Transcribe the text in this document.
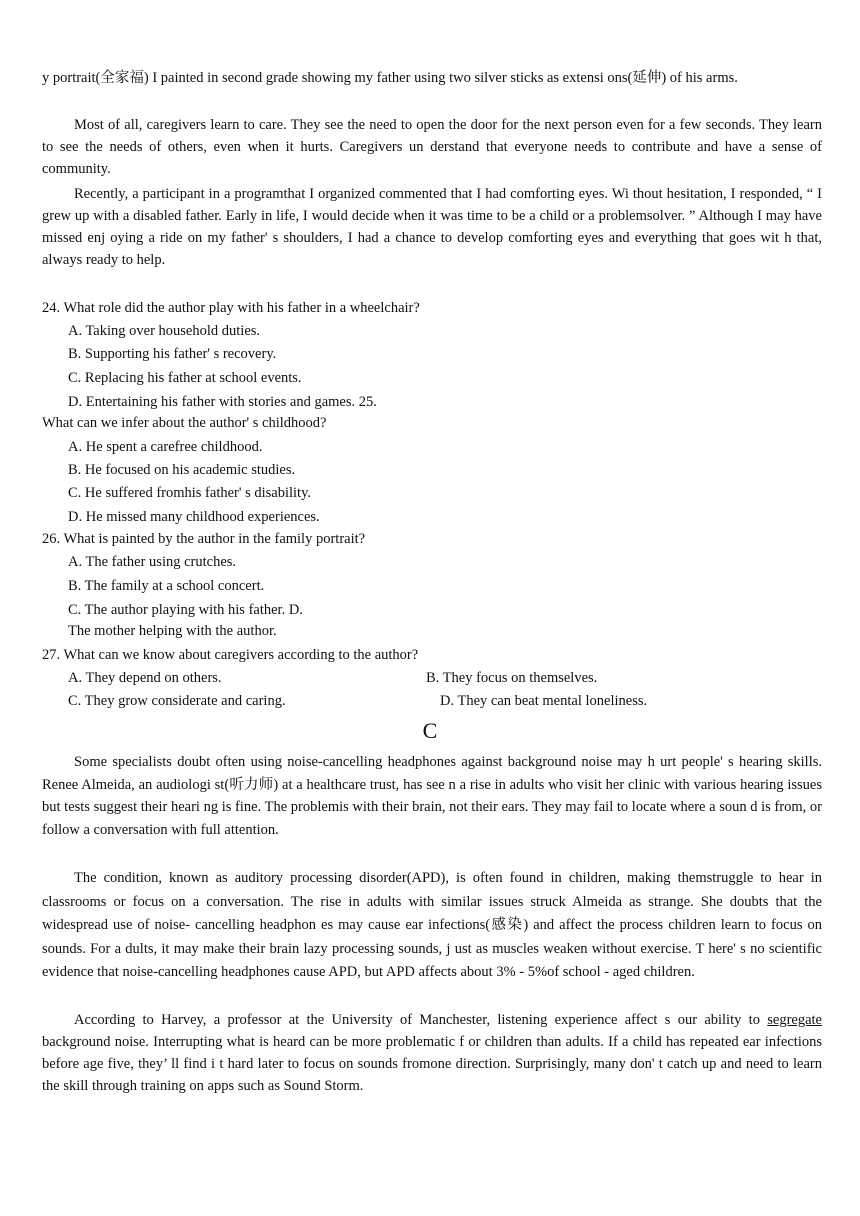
y portrait(全家福) I painted in second grade showing my father using two silver sticks as extensi ons(延伸) of his arms.

Most of all, caregivers learn to care. They see the need to open the door for the next person even for a few seconds. They learn to see the needs of others, even when it hurts. Caregivers un derstand that everyone needs to contribute and have a sense of community.

Recently, a participant in a programthat I organized commented that I had comforting eyes. Wi thout hesitation, I responded, “ I grew up with a disabled father. Early in life, I would decide when it was time to be a child or a problemsolver. ” Although I may have missed enj oying a ride on my father' s shoulders, I had a chance to develop comforting eyes and everything that goes wit h that, always ready to help.

24. What role did the author play with his father in a wheelchair?
A. Taking over household duties.
B. Supporting his father' s recovery.
C. Replacing his father at school events.
D. Entertaining his father with stories and games. 25.
What can we infer about the author' s childhood?
A. He spent a carefree childhood.
B. He focused on his academic studies.
C. He suffered fromhis father' s disability.
D. He missed many childhood experiences.
26. What is painted by the author in the family portrait?
A. The father using crutches.
B. The family at a school concert.
C. The author playing with his father. D.
The mother helping with the author.
27. What can we know about caregivers according to the author?
A. They depend on others.	B. They focus on themselves.
C. They grow considerate and caring.	D. They can beat mental loneliness.
C

Some specialists doubt often using noise-cancelling headphones against background noise may h urt people' s hearing skills. Renee Almeida, an audiologi st(听力师) at a healthcare trust, has see n a rise in adults who visit her clinic with various hearing issues but tests suggest their heari ng is fine. The problemis with their brain, not their ears. They may fail to locate where a soun d is from, or follow a conversation with full attention.

The condition, known as auditory processing disorder(APD), is often found in children, making themstruggle to hear in classrooms or focus on a conversation. The rise in adults with similar issues struck Almeida as strange. She doubts that the widespread use of noise- cancelling headphon es may cause ear infections(感染) and affect the process children learn to focus on sounds. For a dults, it may make their brain lazy processing sounds, j ust as muscles weaken without exercise. T here' s no scientific evidence that noise-cancelling headphones cause APD, but APD affects about 3% - 5%of school - aged children.

According to Harvey, a professor at the University of Manchester, listening experience affect s our ability to segregate background noise. Interrupting what is heard can be more problematic f or children than adults. If a child has repeated ear infections before age five, they’ ll find i t hard later to focus on sounds fromone direction. Surprisingly, many don' t catch up and need to learn the skill through training on apps such as Sound Storm.
